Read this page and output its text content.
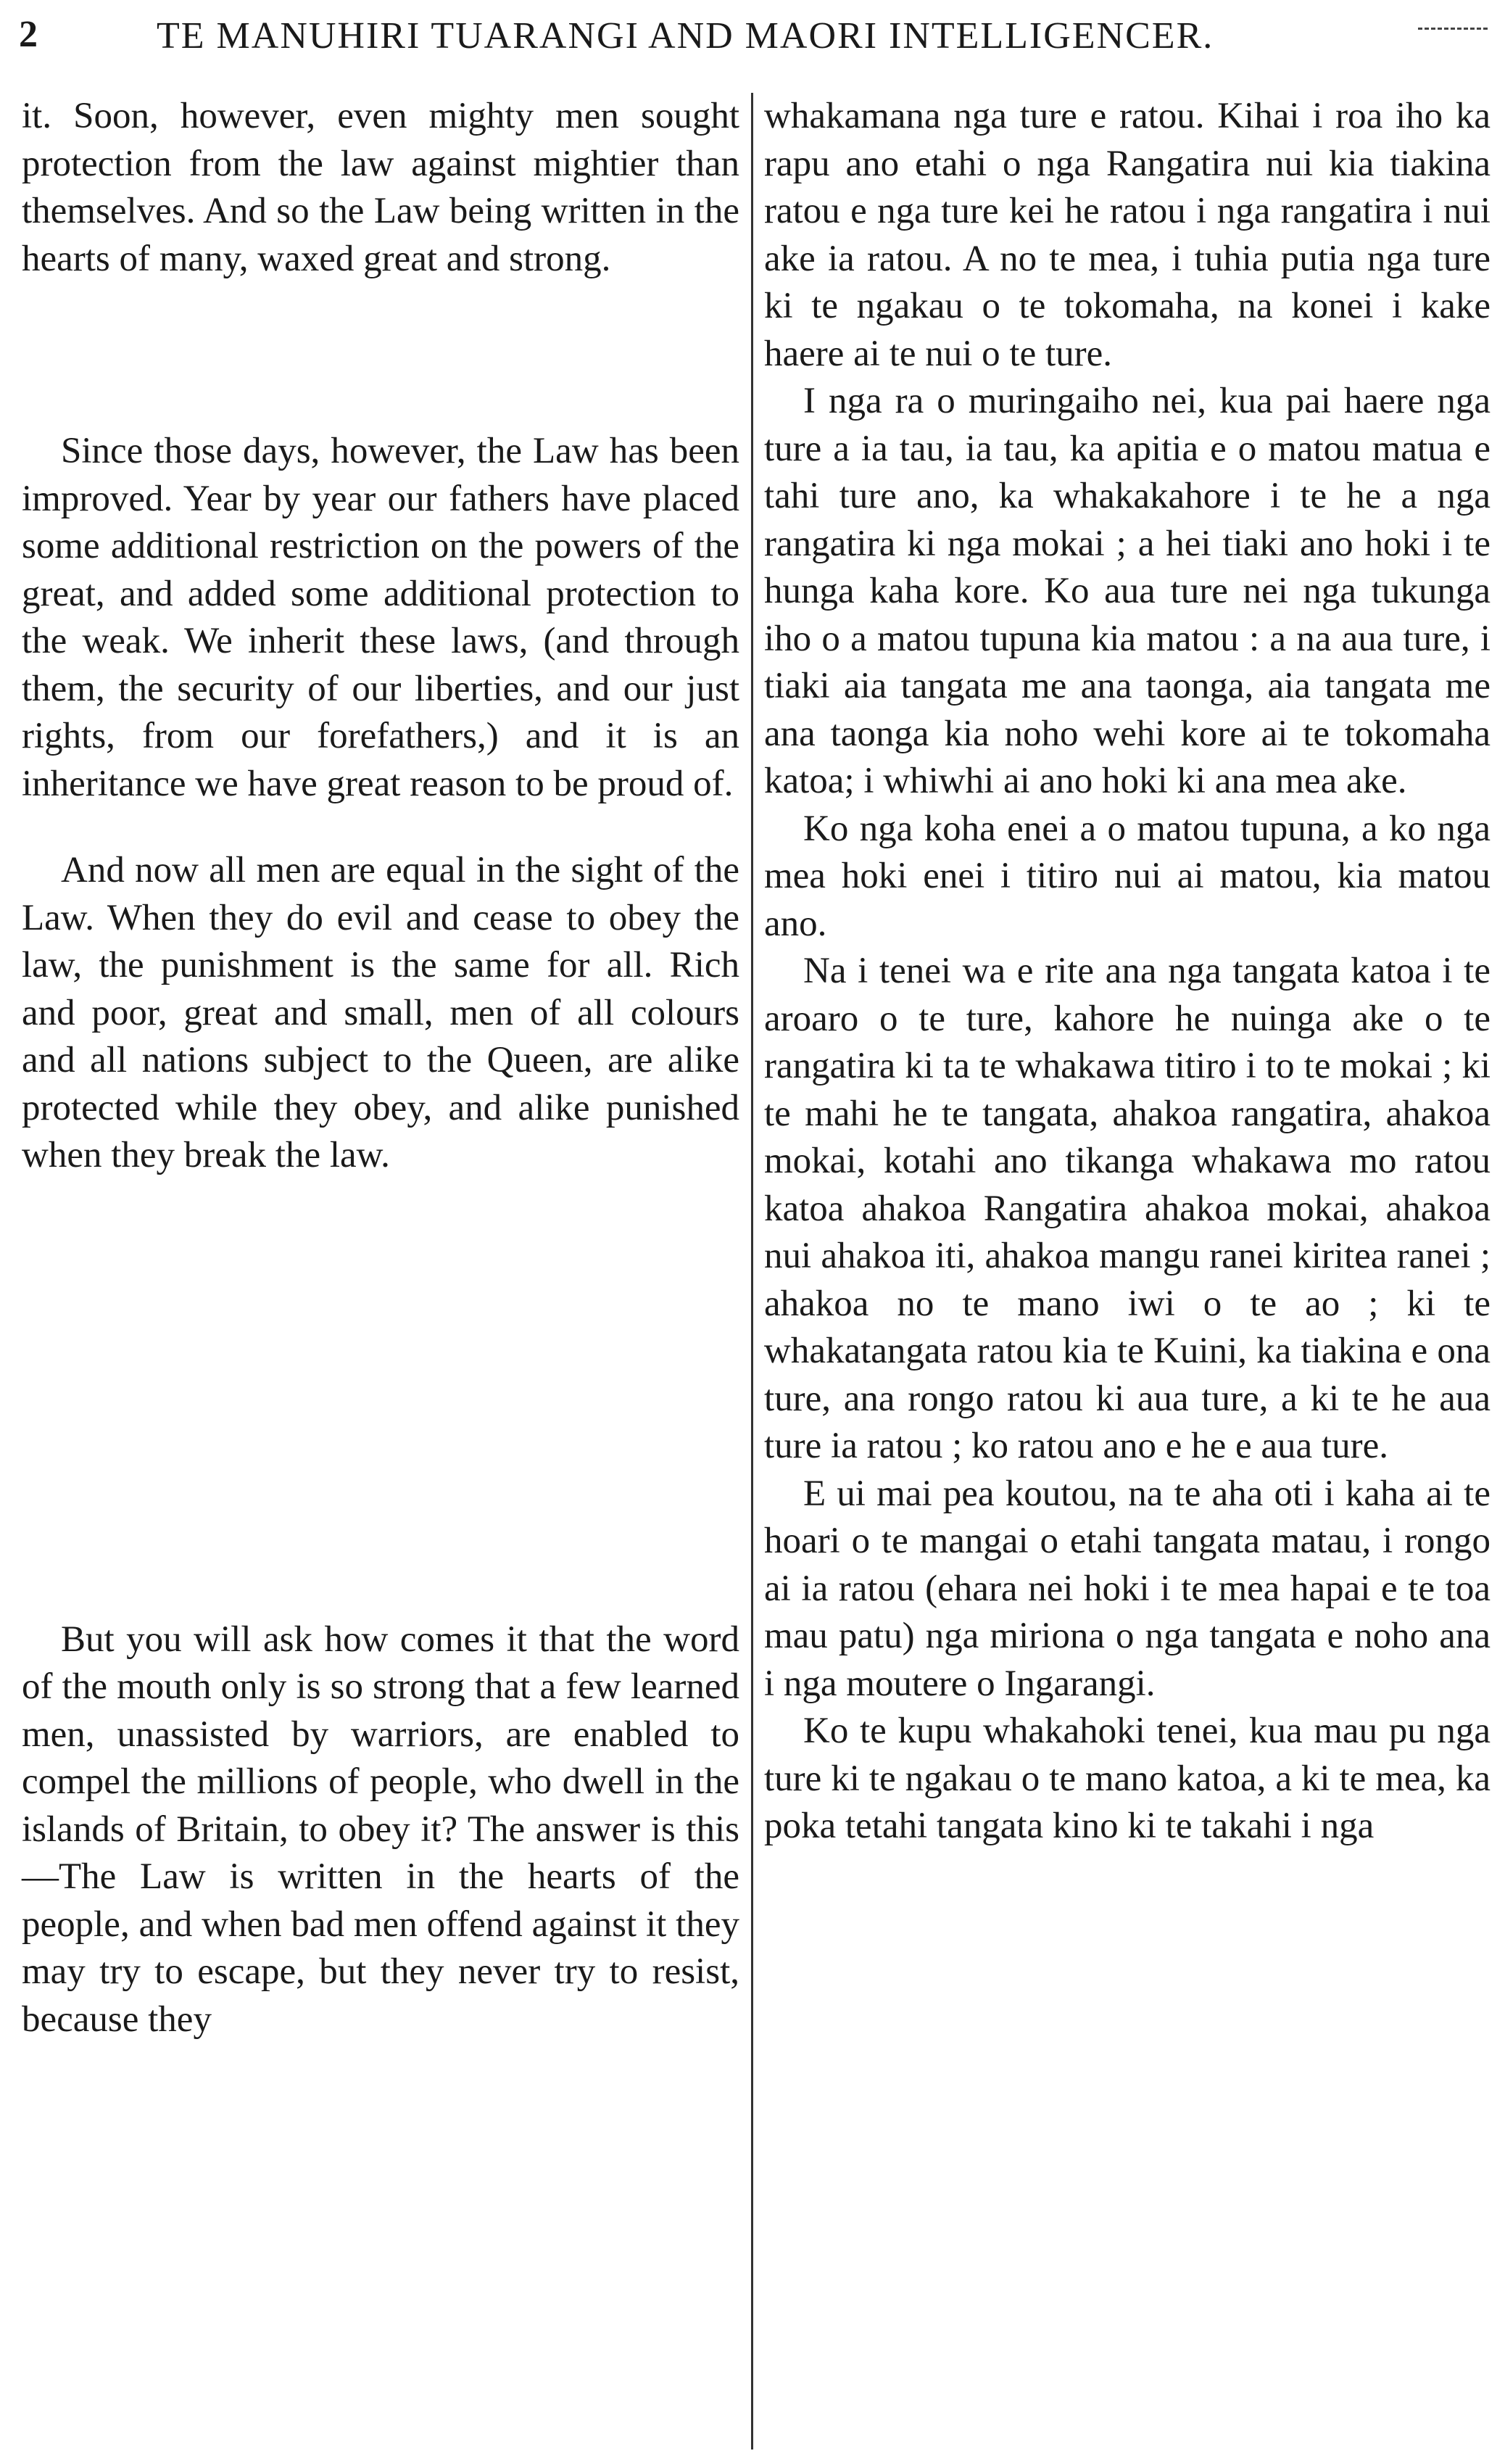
2	TE MANUHIRI TUARANGI AND MAORI INTELLIGENCER.

it. Soon, however, even mighty men sought protection from the law against mightier than themselves. And so the Law being written in the hearts of many, waxed great and strong.

Since those days, however, the Law has been improved. Year by year our fathers have placed some additional restriction on the powers of the great, and added some additional protection to the weak. We inherit these laws, (and through them, the security of our liberties, and our just rights, from our forefathers,) and it is an inheritance we have great reason to be proud of.

And now all men are equal in the sight of the Law. When they do evil and cease to obey the law, the punishment is the same for all. Rich and poor, great and small, men of all colours and all nations subject to the Queen, are alike protected while they obey, and alike punished when they break the law.

But you will ask how comes it that the word of the mouth only is so strong that a few learned men, unassisted by warriors, are enabled to compel the millions of people, who dwell in the islands of Britain, to obey it? The answer is this—The Law is written in the hearts of the people, and when bad men offend against it they may try to escape, but they never try to resist, because they

whakamana nga ture e ratou. Kihai i roa iho ka rapu ano etahi o nga Rangatira nui kia tiakina ratou e nga ture kei he ratou i nga rangatira i nui ake ia ratou. A no te mea, i tuhia putia nga ture ki te ngakau o te tokomaha, na konei i kake haere ai te nui o te ture.

I nga ra o muringaiho nei, kua pai haere nga ture a ia tau, ia tau, ka apitia e o matou matua e tahi ture ano, ka whakakahore i te he a nga rangatira ki nga mokai ; a hei tiaki ano hoki i te hunga kaha kore. Ko aua ture nei nga tukunga iho o a matou tupuna kia matou : a na aua ture, i tiaki aia tangata me ana taonga, aia tangata me ana taonga kia noho wehi kore ai te tokomaha katoa; i whiwhi ai ano hoki ki ana mea ake.

Ko nga koha enei a o matou tupuna, a ko nga mea hoki enei i titiro nui ai matou, kia matou ano.

Na i tenei wa e rite ana nga tangata katoa i te aroaro o te ture, kahore he nuinga ake o te rangatira ki ta te whakawa titiro i to te mokai ; ki te mahi he te tangata, ahakoa rangatira, ahakoa mokai, kotahi ano tikanga whakawa mo ratou katoa ahakoa Rangatira ahakoa mokai, ahakoa nui ahakoa iti, ahakoa mangu ranei kiritea ranei ; ahakoa no te mano iwi o te ao ; ki te whakatangata ratou kia te Kuini, ka tiakina e ona ture, ana rongo ratou ki aua ture, a ki te he aua ture ia ratou ; ko ratou ano e he e aua ture.

E ui mai pea koutou, na te aha oti i kaha ai te hoari o te mangai o etahi tangata matau, i rongo ai ia ratou (ehara nei hoki i te mea hapai e te toa mau patu) nga miriona o nga tangata e noho ana i nga moutere o Ingarangi.

Ko te kupu whakahoki tenei, kua mau pu nga ture ki te ngakau o te mano katoa, a ki te mea, ka poka tetahi tangata kino ki te takahi i nga
